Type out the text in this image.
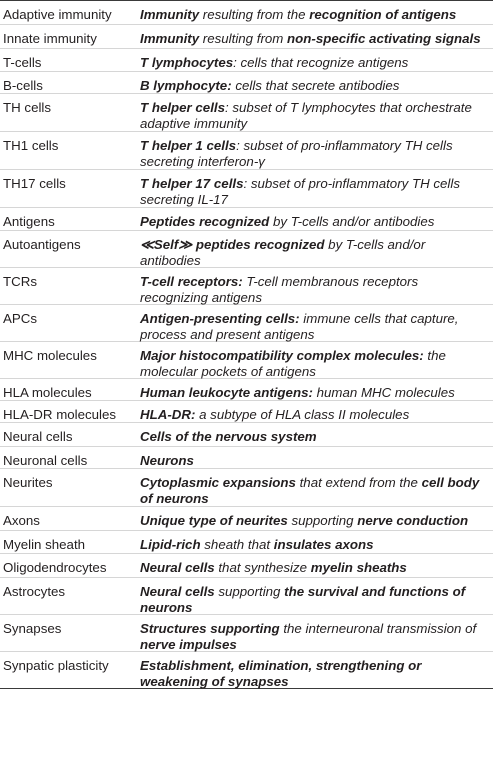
Adaptive immunity	Immunity resulting from the recognition of antigens
Innate immunity	Immunity resulting from non-specific activating signals
T-cells	T lymphocytes: cells that recognize antigens
B-cells	B lymphocyte: cells that secrete antibodies
TH cells	T helper cells: subset of T lymphocytes that orchestrate adaptive immunity
TH1 cells	T helper 1 cells: subset of pro-inflammatory TH cells secreting interferon-γ
TH17 cells	T helper 17 cells: subset of pro-inflammatory TH cells secreting IL-17
Antigens	Peptides recognized by T-cells and/or antibodies
Autoantigens	≪Self≫ peptides recognized by T-cells and/or antibodies
TCRs	T-cell receptors: T-cell membranous receptors recognizing antigens
APCs	Antigen-presenting cells: immune cells that capture, process and present antigens
MHC molecules	Major histocompatibility complex molecules: the molecular pockets of antigens
HLA molecules	Human leukocyte antigens: human MHC molecules
HLA-DR molecules	HLA-DR: a subtype of HLA class II molecules
Neural cells	Cells of the nervous system
Neuronal cells	Neurons
Neurites	Cytoplasmic expansions that extend from the cell body of neurons
Axons	Unique type of neurites supporting nerve conduction
Myelin sheath	Lipid-rich sheath that insulates axons
Oligodendrocytes	Neural cells that synthesize myelin sheaths
Astrocytes	Neural cells supporting the survival and functions of neurons
Synapses	Structures supporting the interneuronal transmission of nerve impulses
Synpatic plasticity	Establishment, elimination, strengthening or weakening of synapses
